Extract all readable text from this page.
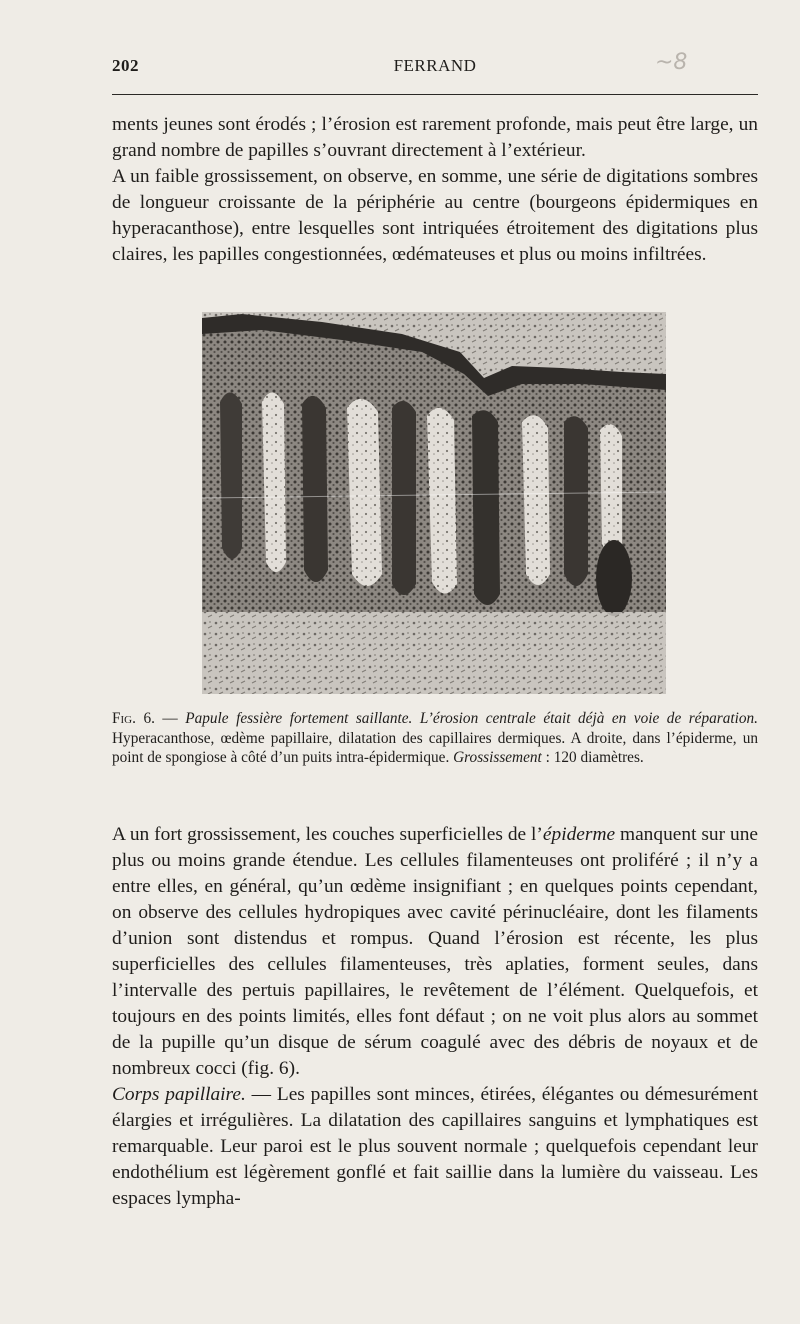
202	FERRAND	~8

ments jeunes sont érodés ; l’érosion est rarement profonde, mais peut être large, un grand nombre de papilles s’ouvrant directement à l’extérieur.

A un faible grossissement, on observe, en somme, une série de digitations sombres de longueur croissante de la périphérie au centre (bourgeons épidermiques en hyperacanthose), entre lesquelles sont intriquées étroitement des digitations plus claires, les papilles congestionnées, œdémateuses et plus ou moins infiltrées.

Fig. 6. — Papule fessière fortement saillante. L’érosion centrale était déjà en voie de réparation. Hyperacanthose, œdème papillaire, dilatation des capillaires dermiques. A droite, dans l’épiderme, un point de spongiose à côté d’un puits intra-épidermique. Grossissement : 120 diamètres.

A un fort grossissement, les couches superficielles de l’épiderme manquent sur une plus ou moins grande étendue. Les cellules filamenteuses ont proliféré ; il n’y a entre elles, en général, qu’un œdème insignifiant ; en quelques points cependant, on observe des cellules hydropiques avec cavité périnucléaire, dont les filaments d’union sont distendus et rompus. Quand l’érosion est récente, les plus superficielles des cellules filamenteuses, très aplaties, forment seules, dans l’intervalle des pertuis papillaires, le revêtement de l’élément. Quelquefois, et toujours en des points limités, elles font défaut ; on ne voit plus alors au sommet de la pupille qu’un disque de sérum coagulé avec des débris de noyaux et de nombreux cocci (fig. 6).

Corps papillaire. — Les papilles sont minces, étirées, élégantes ou démesurément élargies et irrégulières. La dilatation des capillaires sanguins et lymphatiques est remarquable. Leur paroi est le plus souvent normale ; quelquefois cependant leur endothélium est légèrement gonflé et fait saillie dans la lumière du vaisseau. Les espaces lympha-
